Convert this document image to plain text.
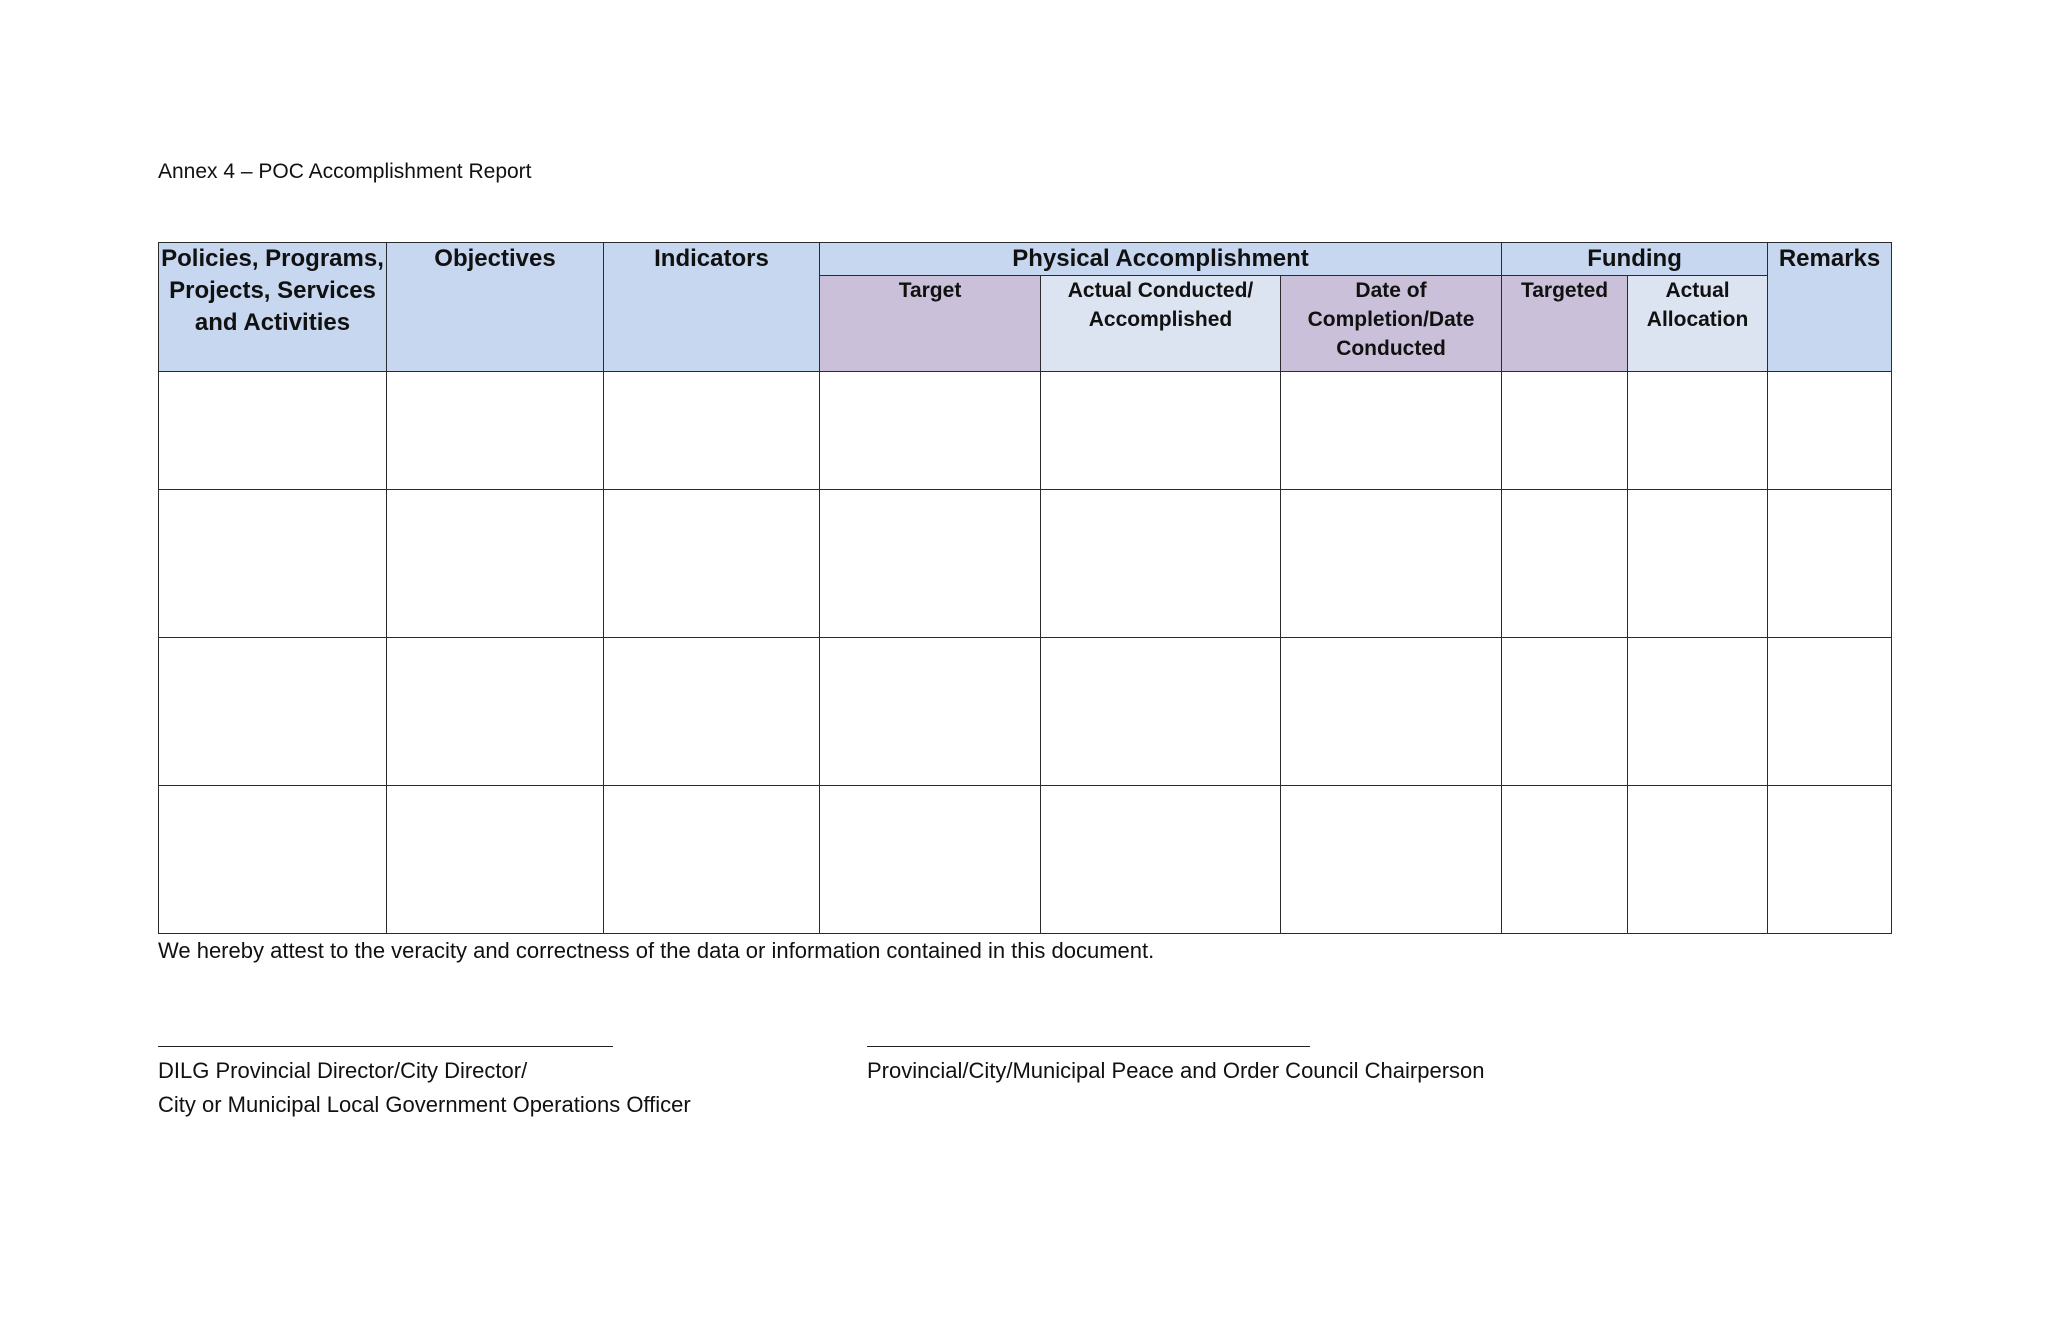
Annex 4 – POC Accomplishment Report
Policies, Programs, Projects, Services and Activities	Objectives	Indicators	Physical Accomplishment			Funding		Remarks
			Target	Actual Conducted/ Accomplished	Date of Completion/Date Conducted	Targeted	Actual Allocation	

We hereby attest to the veracity and correctness of the data or information contained in this document.
DILG Provincial Director/City Director/
City or Municipal Local Government Operations Officer
Provincial/City/Municipal Peace and Order Council Chairperson
